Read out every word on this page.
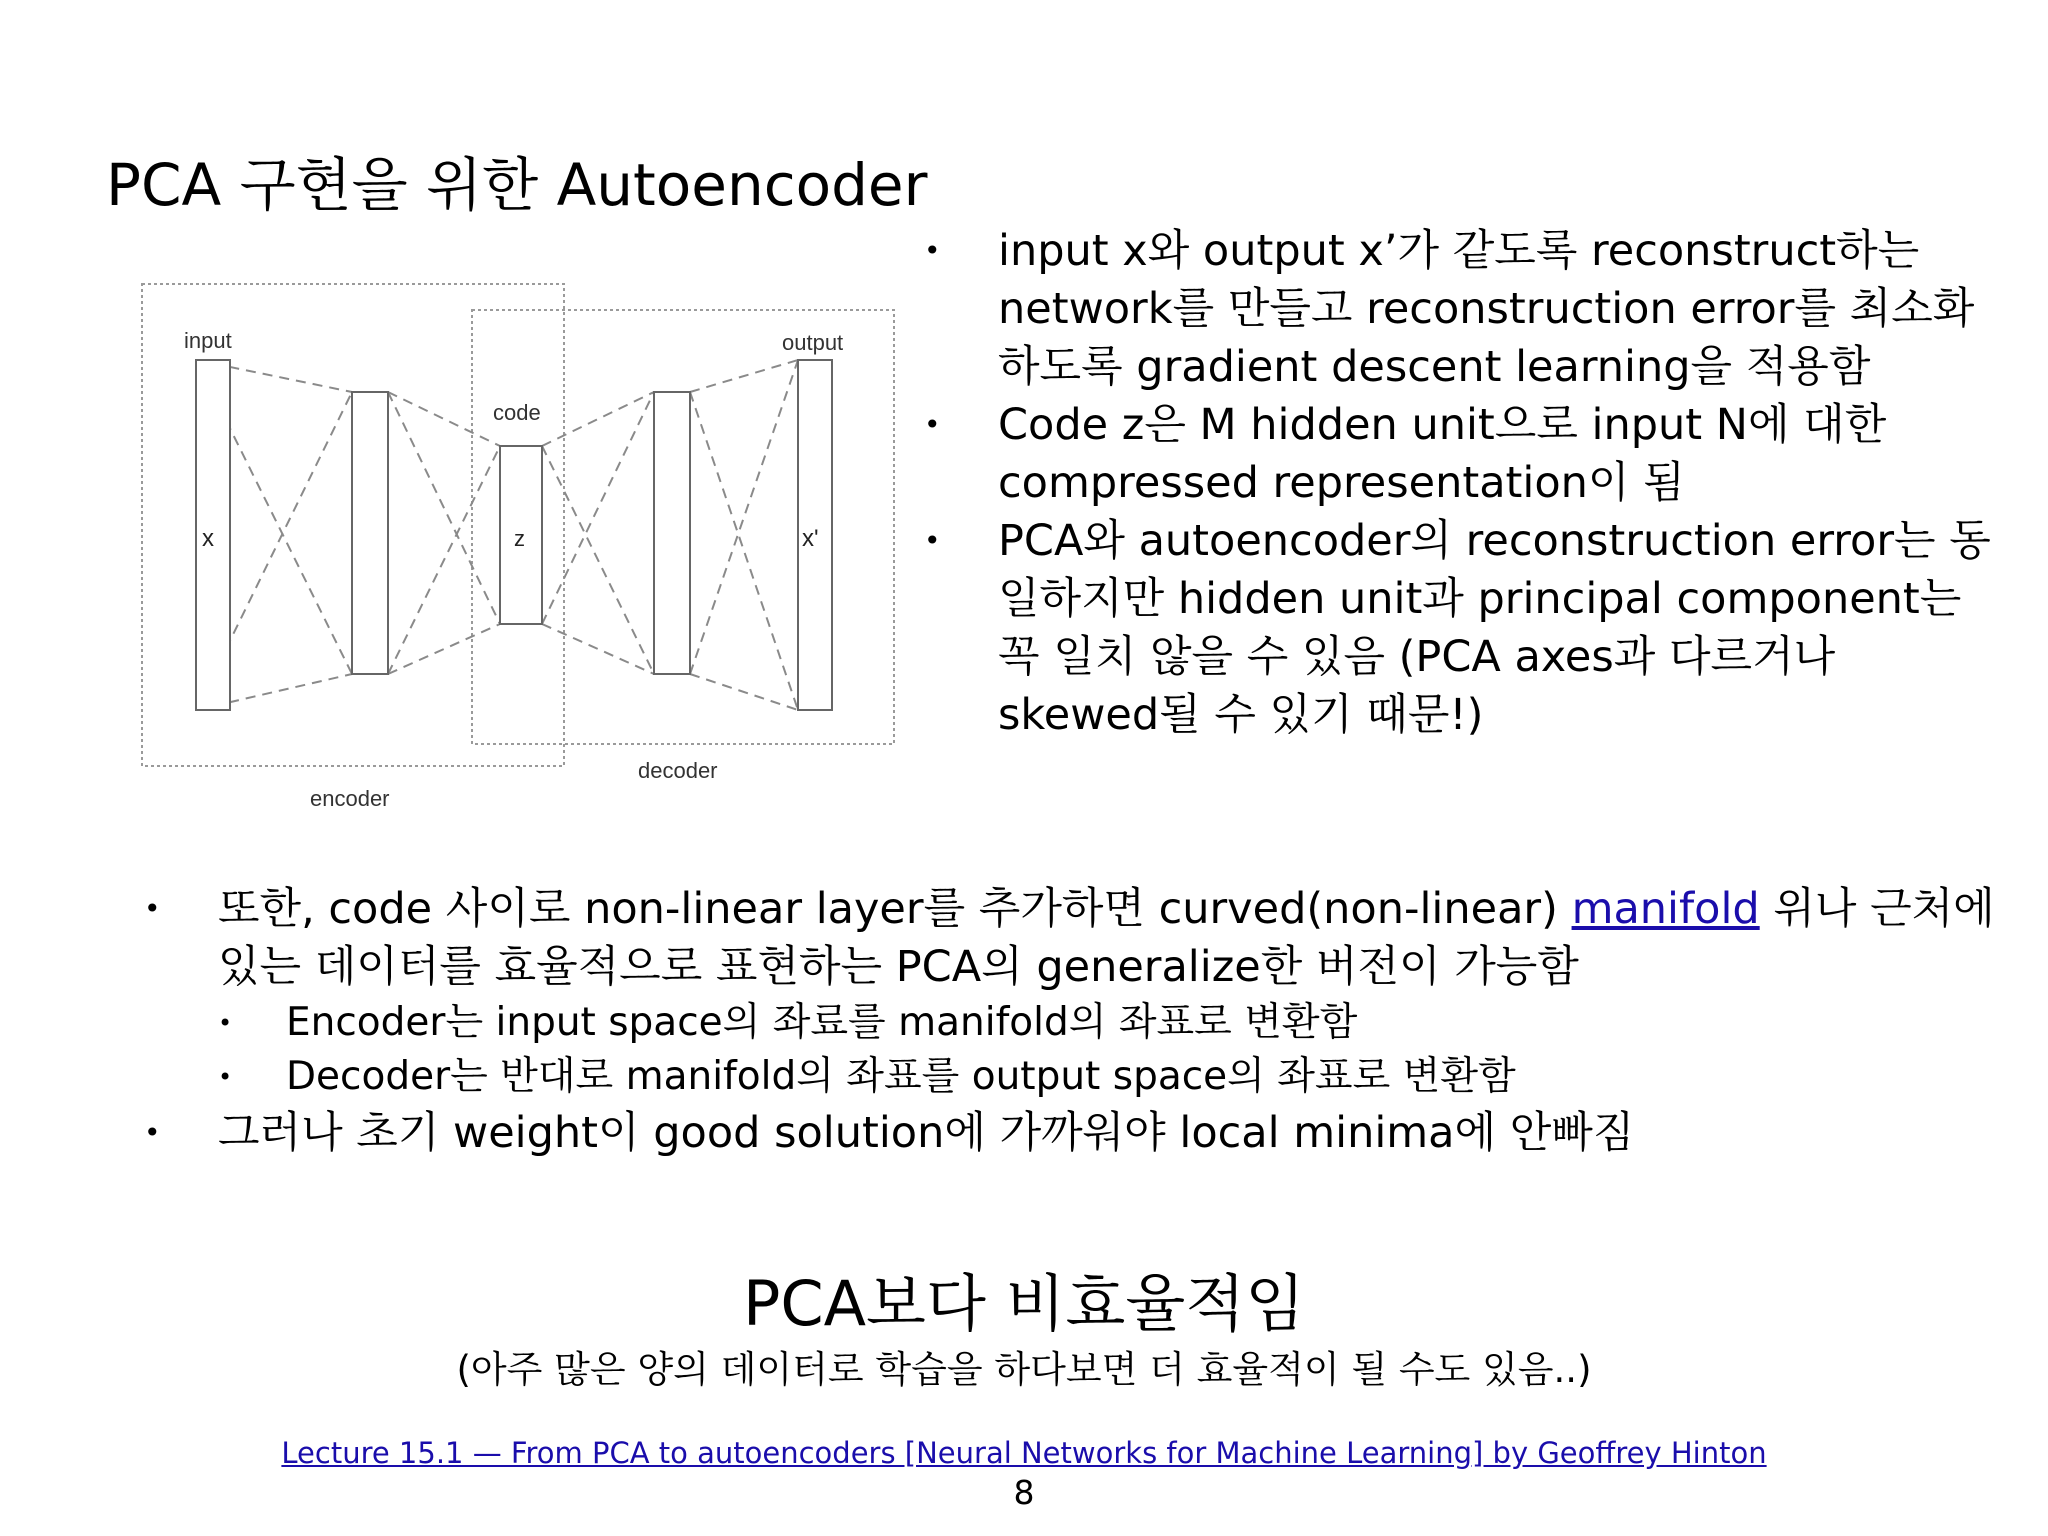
PCA 구현을 위한 Autoencoder
input	output
code
x	z	x'
encoder
decoder
• input x와 output x’가 같도록 reconstruct하는 network를 만들고 reconstruction error를 최소화하도록 gradient descent learning을 적용함
• Code z은 M hidden unit으로 input N에 대한 compressed representation이 됨
• PCA와 autoencoder의 reconstruction error는 동일하지만 hidden unit과 principal component는 꼭 일치 않을 수 있음 (PCA axes과 다르거나 skewed될 수 있기 때문!)
• 또한, code 사이로 non-linear layer를 추가하면 curved(non-linear) manifold 위나 근처에 있는 데이터를 효율적으로 표현하는 PCA의 generalize한 버전이 가능함
• Encoder는 input space의 좌료를 manifold의 좌표로 변환함
• Decoder는 반대로 manifold의 좌표를 output space의 좌표로 변환함
• 그러나 초기 weight이 good solution에 가까워야 local minima에 안빠짐
PCA보다 비효율적임
(아주 많은 양의 데이터로 학습을 하다보면 더 효율적이 될 수도 있음..)
Lecture 15.1 — From PCA to autoencoders [Neural Networks for Machine Learning] by Geoffrey Hinton
8
